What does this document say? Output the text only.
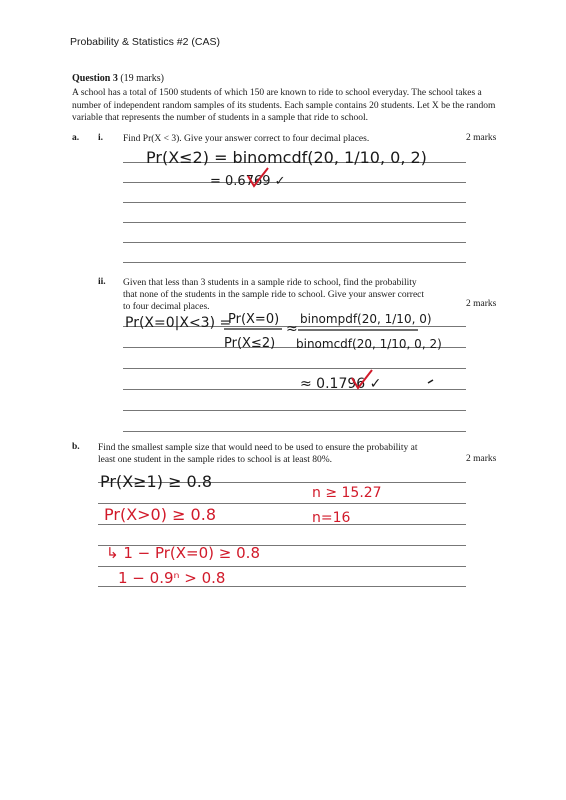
Probability & Statistics #2 (CAS)
Question 3 (19 marks)
A school has a total of 1500 students of which 150 are known to ride to school everyday. The school takes a number of independent random samples of its students. Each sample contains 20 students. Let X be the random variable that represents the number of students in a sample that ride to school.
a. i. Find Pr(X < 3). Give your answer correct to four decimal places.	2 marks
ii. Given that less than 3 students in a sample ride to school, find the probability
that none of the students in the sample ride to school. Give your answer correct
to four decimal places.	2 marks
b. Find the smallest sample size that would need to be used to ensure the probability at
least one student in the sample rides to school is at least 80%.	2 marks
Pr(X≤2) = binomcdf(20, 1/10, 0, 2)
= 0.6769 ✓
Pr(X=0|X<3) =
Pr(X=0)
Pr(X≤2)
≈
binompdf(20, 1/10, 0)
binomcdf(20, 1/10, 0, 2)
≈ 0.1796 ✓
Pr(X≥1) ≥ 0.8
Pr(X>0) ≥ 0.8
↳ 1 − Pr(X=0) ≥ 0.8
1 − 0.9ⁿ > 0.8
n ≥ 15.27
n=16
